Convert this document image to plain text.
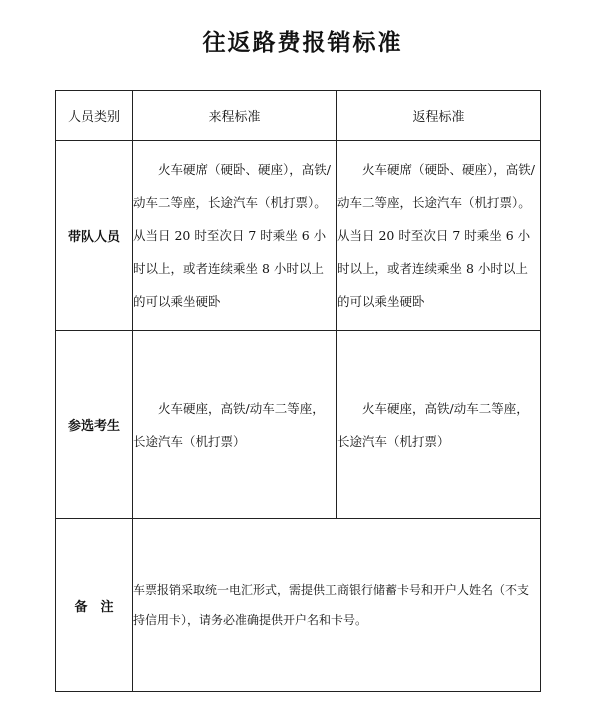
往返路费报销标准
人员类别	来程标准	返程标准
带队人员	火车硬席（硬卧、硬座），高铁/动车二等座，长途汽车（机打票）。从当日 20 时至次日 7 时乘坐 6 小时以上，或者连续乘坐 8 小时以上的可以乘坐硬卧	火车硬席（硬卧、硬座），高铁/动车二等座，长途汽车（机打票）。从当日 20 时至次日 7 时乘坐 6 小时以上，或者连续乘坐 8 小时以上的可以乘坐硬卧
参选考生	火车硬座，高铁/动车二等座，长途汽车（机打票）	火车硬座，高铁/动车二等座，长途汽车（机打票）
备　注	车票报销采取统一电汇形式，需提供工商银行储蓄卡号和开户人姓名（不支持信用卡），请务必准确提供开户名和卡号。	
